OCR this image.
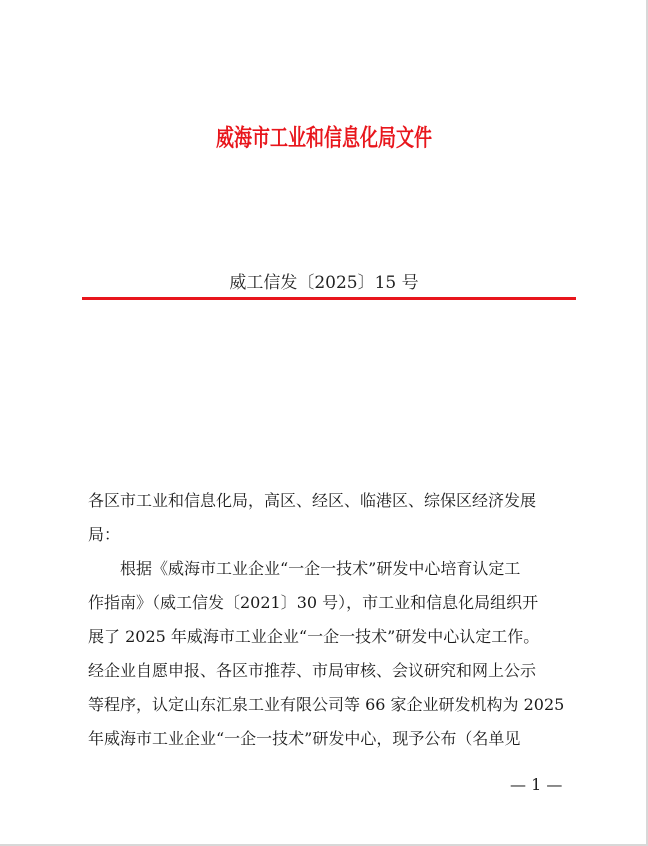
威海市工业和信息化局文件
威工信发〔2025〕15 号
各区市工业和信息化局，高区、经区、临港区、综保区经济发展
局：
根据《威海市工业企业“一企一技术”研发中心培育认定工
作指南》（威工信发〔2021〕30 号），市工业和信息化局组织开
展了 2025 年威海市工业企业“一企一技术”研发中心认定工作。
经企业自愿申报、各区市推荐、市局审核、会议研究和网上公示
等程序，认定山东汇泉工业有限公司等 66 家企业研发机构为 2025
年威海市工业企业“一企一技术”研发中心，现予公布（名单见
— 1 —
